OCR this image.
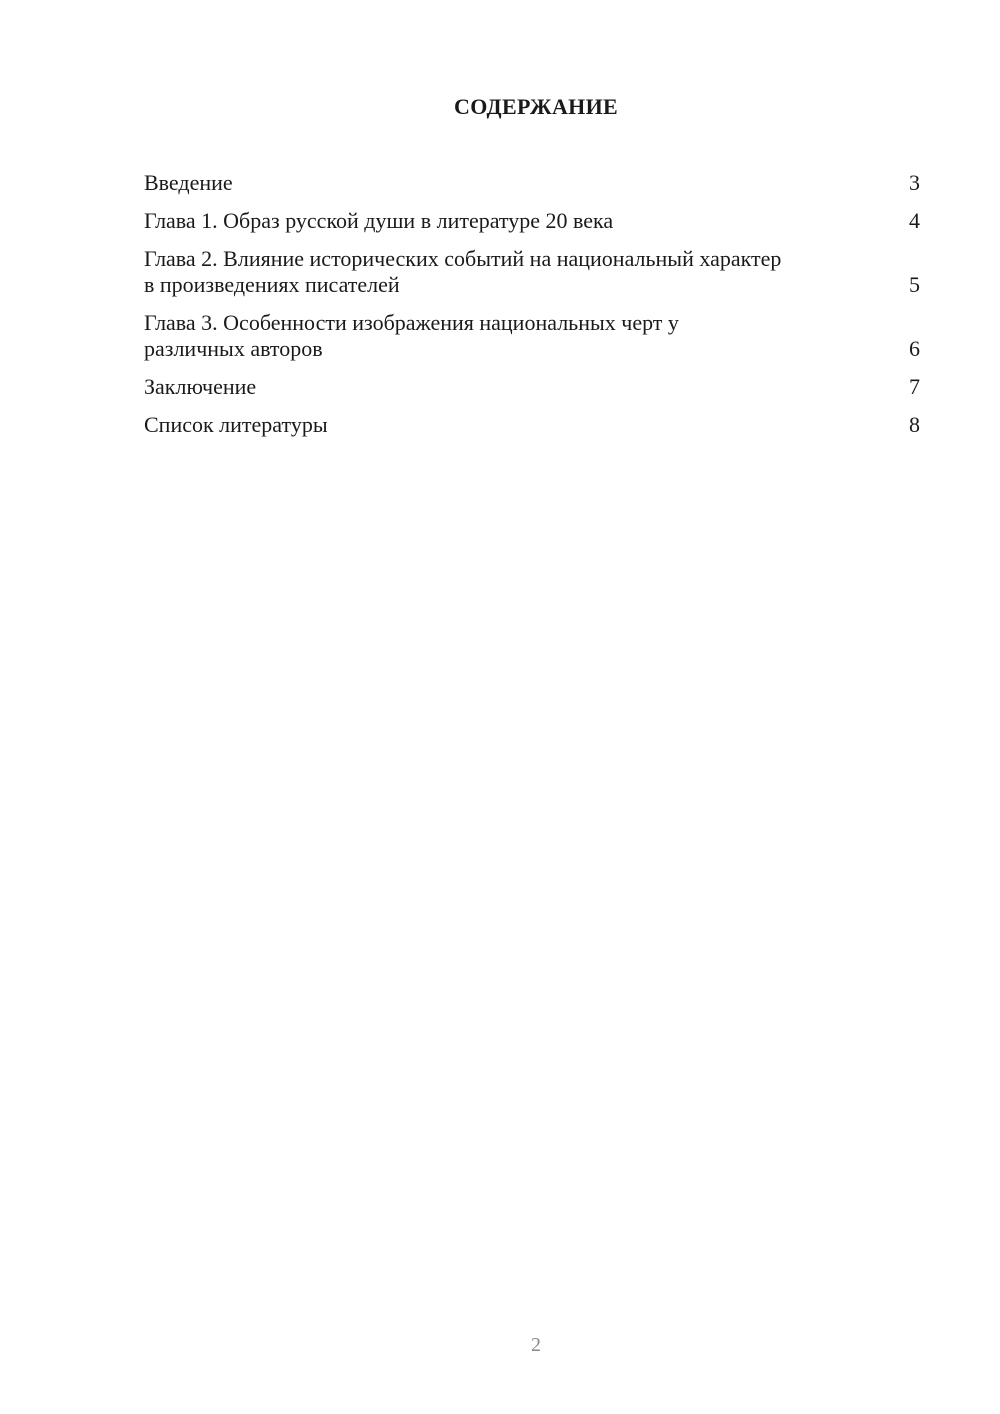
СОДЕРЖАНИЕ
Введение	3
Глава 1. Образ русской души в литературе 20 века	4
Глава 2. Влияние исторических событий на национальный характер в произведениях писателей	5
Глава 3. Особенности изображения национальных черт у различных авторов	6
Заключение	7
Список литературы	8
2
